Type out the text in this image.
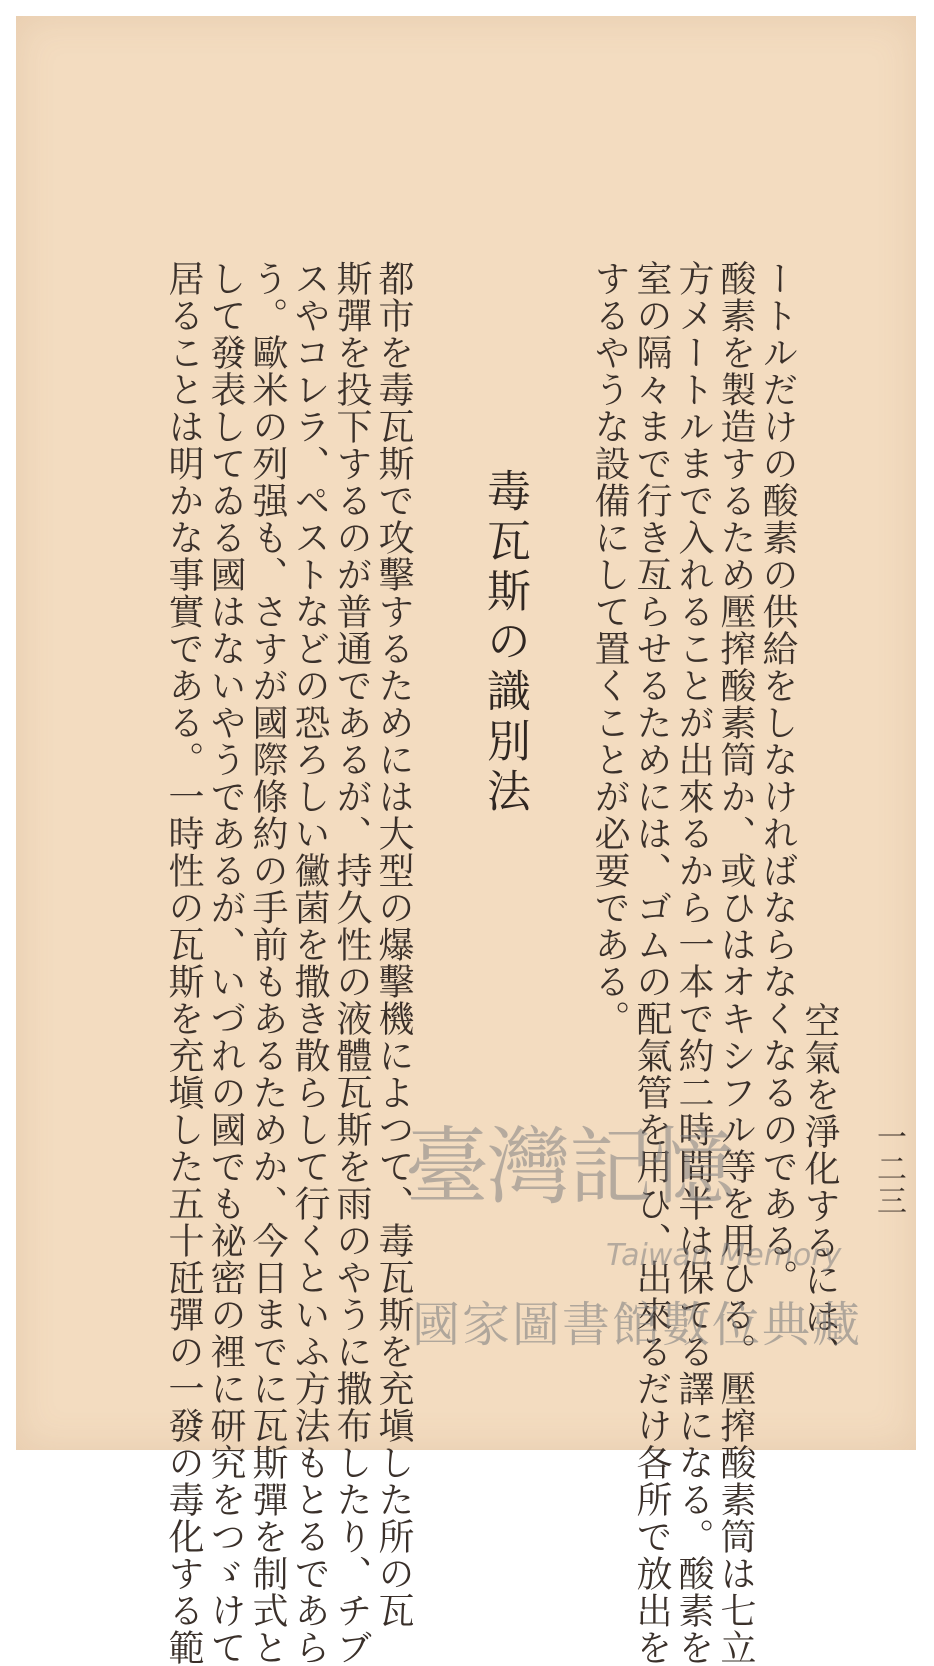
一二三
空氣を淨化するには、
ートルだけの酸素の供給をしなければならなくなるのである。
酸素を製造するため壓搾酸素筒か、或ひはオキシフル等を用ひる。壓搾酸素筒は七立
方メートルまで入れることが出來るから一本で約二時間半は保てる譯になる。酸素を
室の隔々まで行き亙らせるためには、ゴムの配氣管を用ひ、出來るだけ各所で放出を
するやうな設備にして置くことが必要である。
毒瓦斯の識別法
都市を毒瓦斯で攻擊するためには大型の爆擊機によつて、毒瓦斯を充塡した所の瓦
斯彈を投下するのが普通であるが、持久性の液體瓦斯を雨のやうに撒布したり、チブ
スやコレラ、ペストなどの恐ろしい黴菌を撒き散らして行くといふ方法もとるであら
う。歐米の列强も、さすが國際條約の手前もあるためか、今日までに瓦斯彈を制式と
して發表してゐる國はないやうであるが、いづれの國でも祕密の裡に研究をつゞけて
居ることは明かな事實である。一時性の瓦斯を充塡した五十瓩彈の一發の毒化する範 臺灣記憶
Taiwan Memory
國家圖書館數位典藏
